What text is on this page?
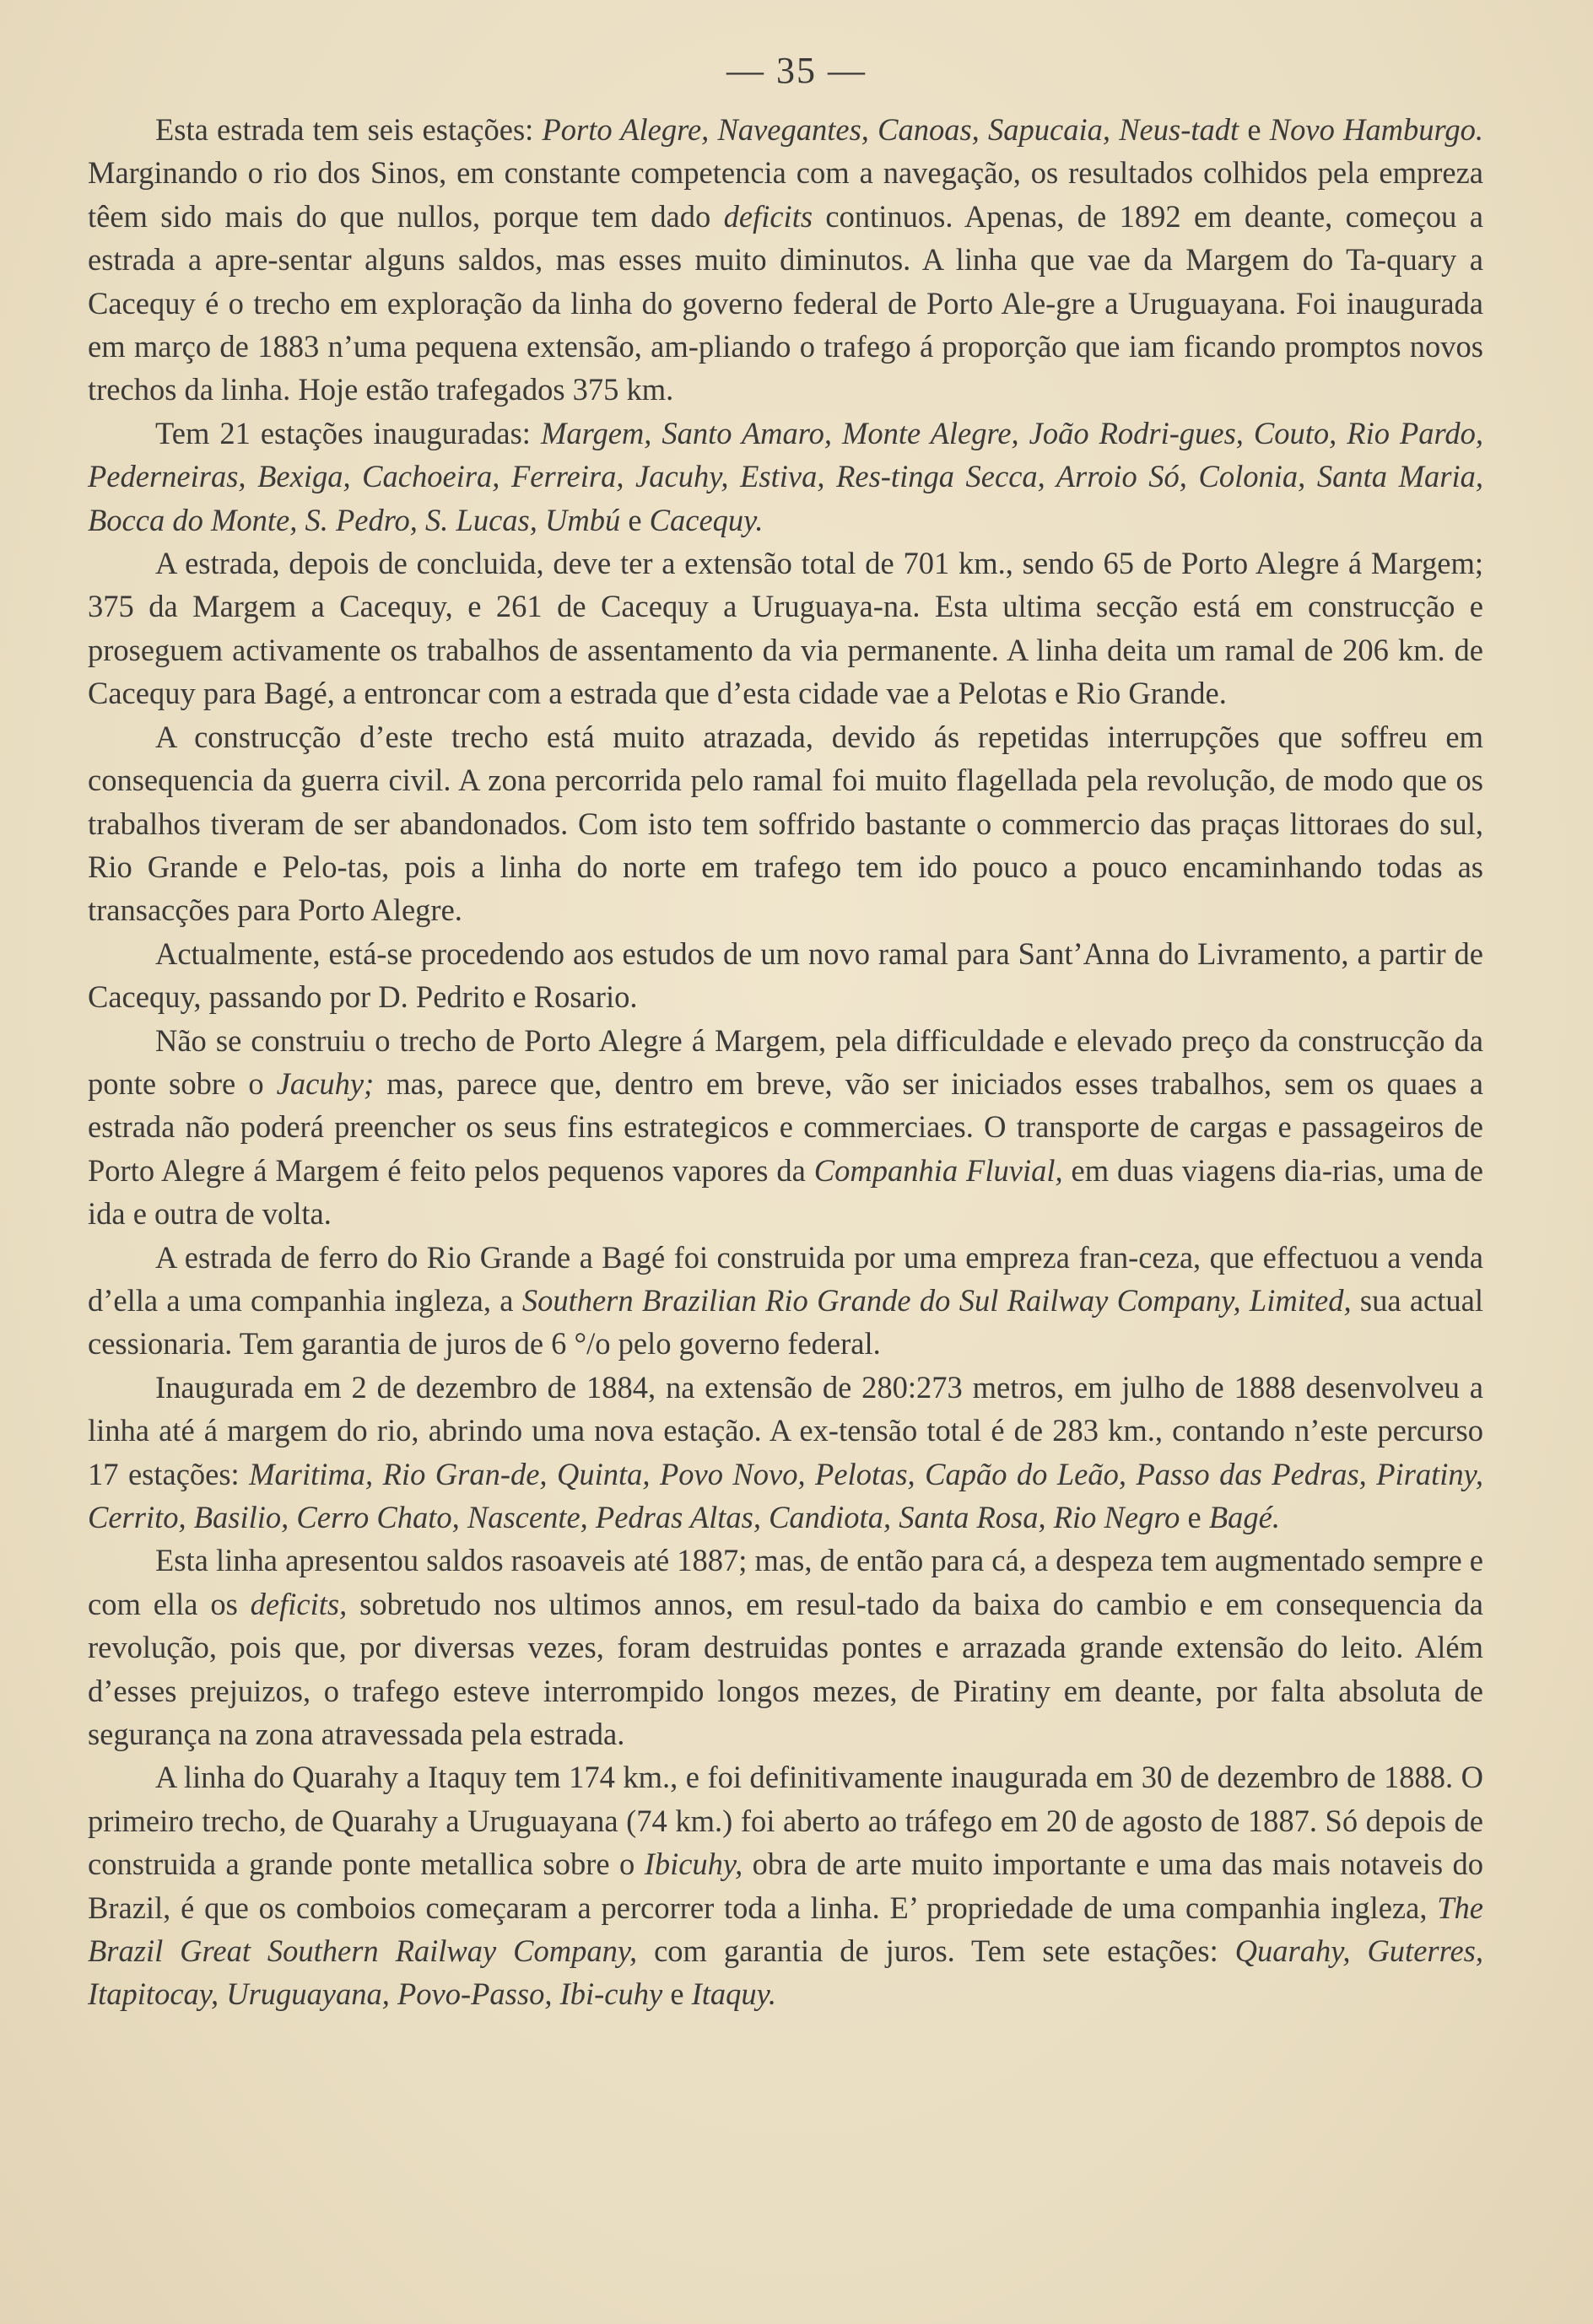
— 35 —

Esta estrada tem seis estações: Porto Alegre, Navegantes, Canoas, Sapucaia, Neus-tadt e Novo Hamburgo. Marginando o rio dos Sinos, em constante competencia com a navegação, os resultados colhidos pela empreza têem sido mais do que nullos, porque tem dado deficits continuos. Apenas, de 1892 em deante, começou a estrada a apre-sentar alguns saldos, mas esses muito diminutos. A linha que vae da Margem do Ta-quary a Cacequy é o trecho em exploração da linha do governo federal de Porto Ale-gre a Uruguayana. Foi inaugurada em março de 1883 n’uma pequena extensão, am-pliando o trafego á proporção que iam ficando promptos novos trechos da linha. Hoje estão trafegados 375 km.

Tem 21 estações inauguradas: Margem, Santo Amaro, Monte Alegre, João Rodri-gues, Couto, Rio Pardo, Pederneiras, Bexiga, Cachoeira, Ferreira, Jacuhy, Estiva, Res-tinga Secca, Arroio Só, Colonia, Santa Maria, Bocca do Monte, S. Pedro, S. Lucas, Umbú e Cacequy.

A estrada, depois de concluida, deve ter a extensão total de 701 km., sendo 65 de Porto Alegre á Margem; 375 da Margem a Cacequy, e 261 de Cacequy a Uruguaya-na. Esta ultima secção está em construcção e proseguem activamente os trabalhos de assentamento da via permanente. A linha deita um ramal de 206 km. de Cacequy para Bagé, a entroncar com a estrada que d’esta cidade vae a Pelotas e Rio Grande.

A construcção d’este trecho está muito atrazada, devido ás repetidas interrupções que soffreu em consequencia da guerra civil. A zona percorrida pelo ramal foi muito flagellada pela revolução, de modo que os trabalhos tiveram de ser abandonados. Com isto tem soffrido bastante o commercio das praças littoraes do sul, Rio Grande e Pelo-tas, pois a linha do norte em trafego tem ido pouco a pouco encaminhando todas as transacções para Porto Alegre.

Actualmente, está-se procedendo aos estudos de um novo ramal para Sant’Anna do Livramento, a partir de Cacequy, passando por D. Pedrito e Rosario.

Não se construiu o trecho de Porto Alegre á Margem, pela difficuldade e elevado preço da construcção da ponte sobre o Jacuhy; mas, parece que, dentro em breve, vão ser iniciados esses trabalhos, sem os quaes a estrada não poderá preencher os seus fins estrategicos e commerciaes. O transporte de cargas e passageiros de Porto Alegre á Margem é feito pelos pequenos vapores da Companhia Fluvial, em duas viagens dia-rias, uma de ida e outra de volta.

A estrada de ferro do Rio Grande a Bagé foi construida por uma empreza fran-ceza, que effectuou a venda d’ella a uma companhia ingleza, a Southern Brazilian Rio Grande do Sul Railway Company, Limited, sua actual cessionaria. Tem garantia de juros de 6 °/o pelo governo federal.

Inaugurada em 2 de dezembro de 1884, na extensão de 280:273 metros, em julho de 1888 desenvolveu a linha até á margem do rio, abrindo uma nova estação. A ex-tensão total é de 283 km., contando n’este percurso 17 estações: Maritima, Rio Gran-de, Quinta, Povo Novo, Pelotas, Capão do Leão, Passo das Pedras, Piratiny, Cerrito, Basilio, Cerro Chato, Nascente, Pedras Altas, Candiota, Santa Rosa, Rio Negro e Bagé.

Esta linha apresentou saldos rasoaveis até 1887; mas, de então para cá, a despeza tem augmentado sempre e com ella os deficits, sobretudo nos ultimos annos, em resul-tado da baixa do cambio e em consequencia da revolução, pois que, por diversas vezes, foram destruidas pontes e arrazada grande extensão do leito. Além d’esses prejuizos, o trafego esteve interrompido longos mezes, de Piratiny em deante, por falta absoluta de segurança na zona atravessada pela estrada.

A linha do Quarahy a Itaquy tem 174 km., e foi definitivamente inaugurada em 30 de dezembro de 1888. O primeiro trecho, de Quarahy a Uruguayana (74 km.) foi aberto ao tráfego em 20 de agosto de 1887. Só depois de construida a grande ponte metallica sobre o Ibicuhy, obra de arte muito importante e uma das mais notaveis do Brazil, é que os comboios começaram a percorrer toda a linha. E’ propriedade de uma companhia ingleza, The Brazil Great Southern Railway Company, com garantia de juros. Tem sete estações: Quarahy, Guterres, Itapitocay, Uruguayana, Povo-Passo, Ibi-cuhy e Itaquy.
